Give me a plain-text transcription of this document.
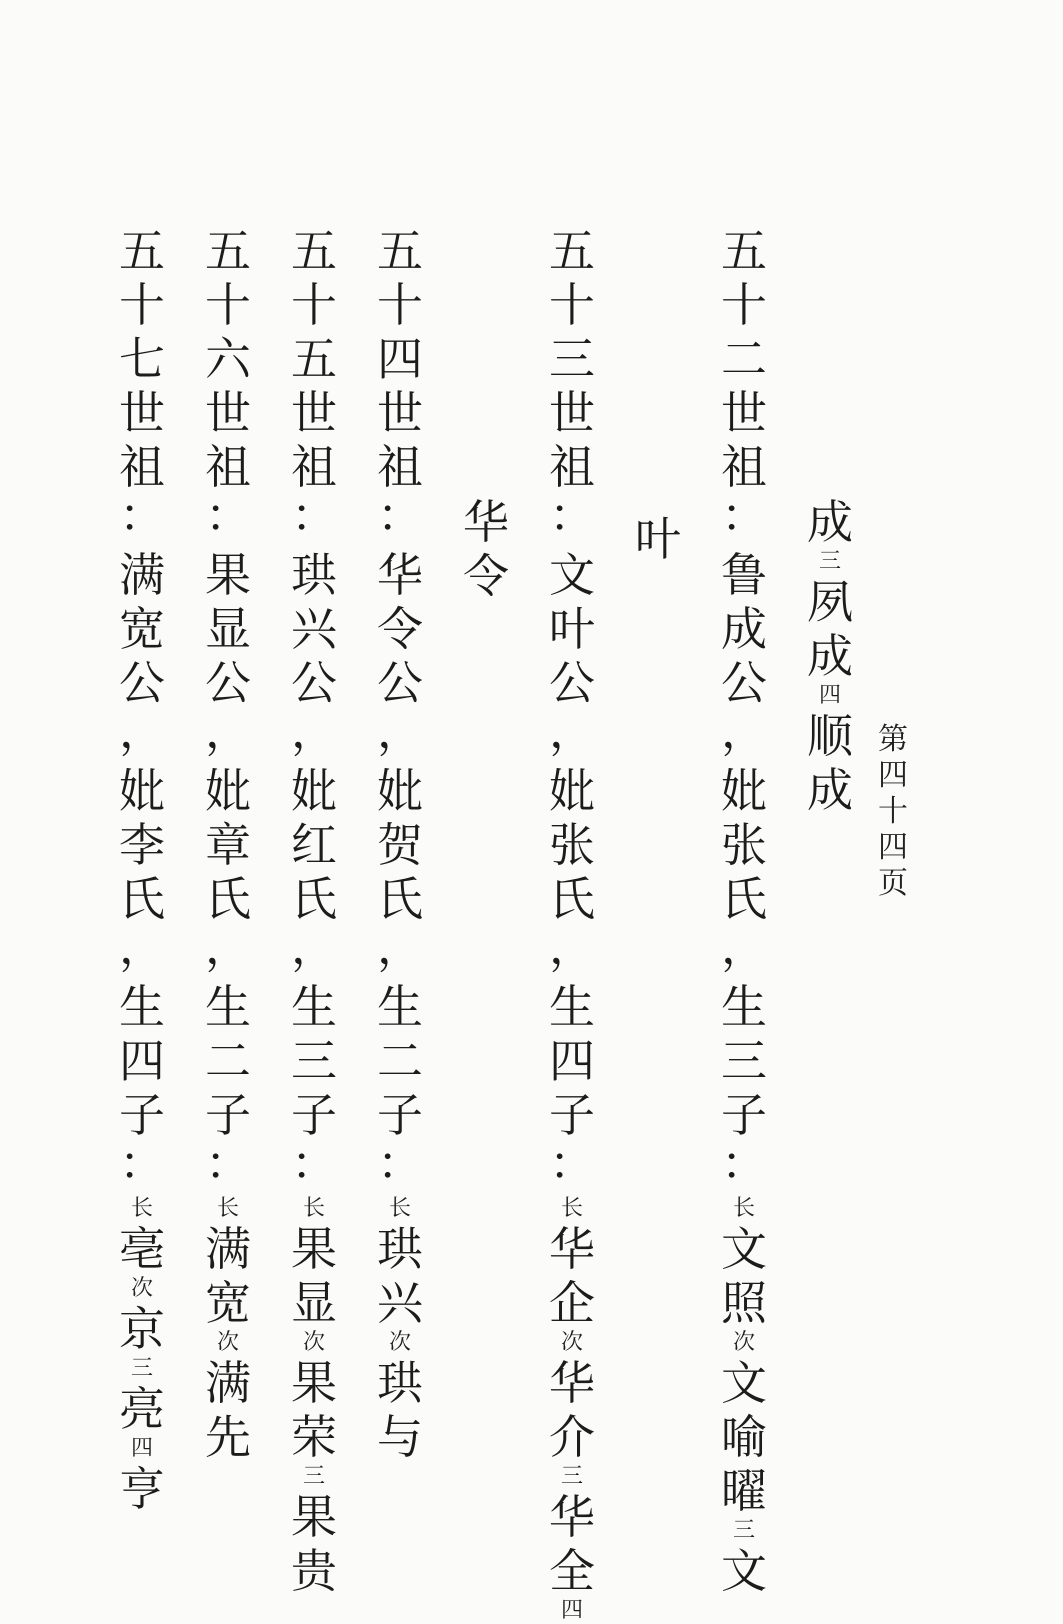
第
四
十
四
页
成
三
夙
成
四
顺
成
五
十
二
世
祖
：
鲁
成
公
，
妣
张
氏
，
生
三
子
：
长
文
照
次
文
喻
曜
三
文
叶
五
十
三
世
祖
：
文
叶
公
，
妣
张
氏
，
生
四
子
：
长
华
企
次
华
介
三
华
全
四
华
令
五
十
四
世
祖
：
华
令
公
，
妣
贺
氏
，
生
二
子
：
长
珙
兴
次
珙
与
五
十
五
世
祖
：
珙
兴
公
，
妣
红
氏
，
生
三
子
：
长
果
显
次
果
荣
三
果
贵
五
十
六
世
祖
：
果
显
公
，
妣
章
氏
，
生
二
子
：
长
满
宽
次
满
先
五
十
七
世
祖
：
满
宽
公
，
妣
李
氏
，
生
四
子
：
长
亳
次
京
三
亮
四
亨
